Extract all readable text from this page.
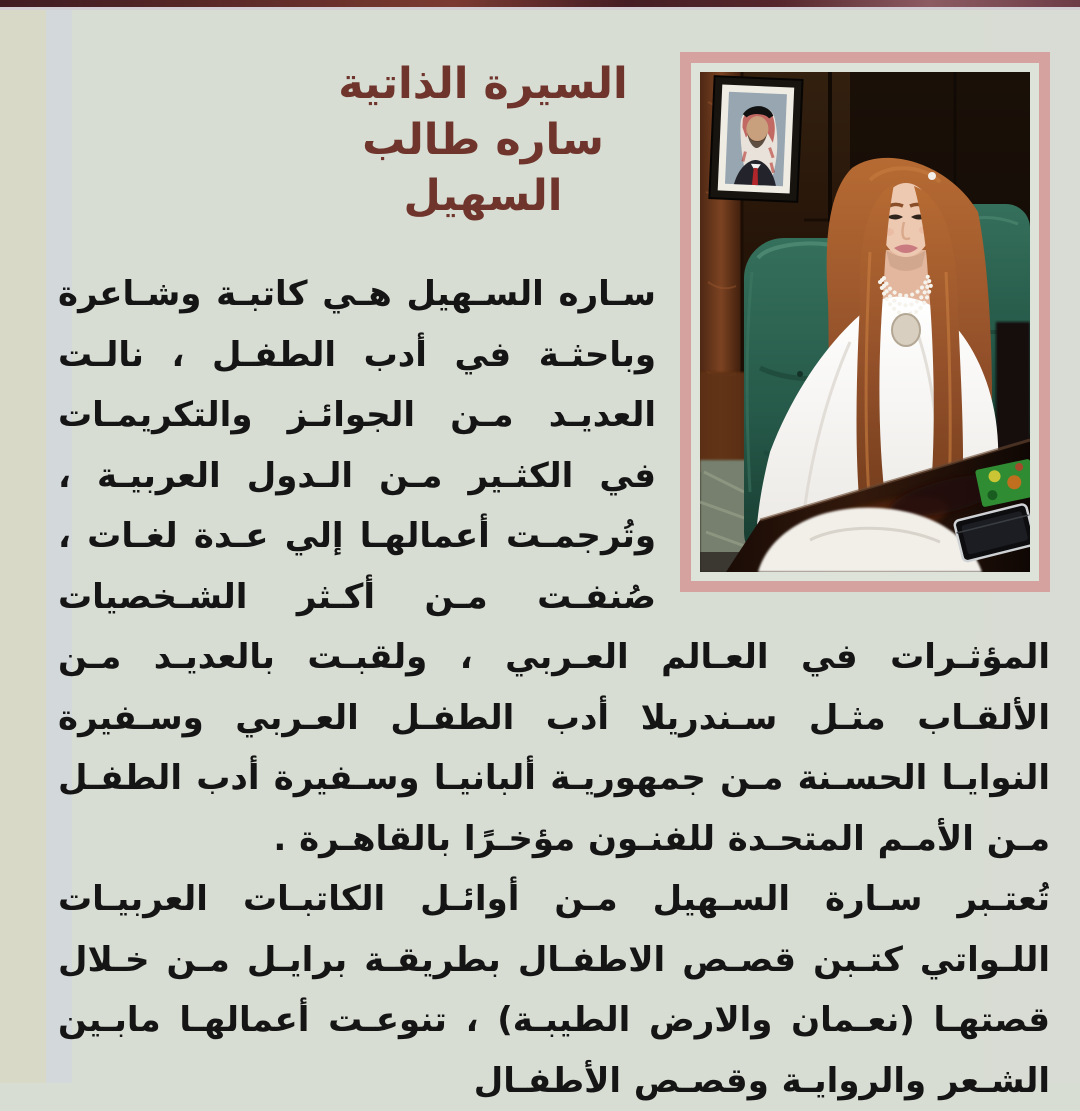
السيرة الذاتية
ساره طالب السهيل

سـاره السـهيل هـي كاتبـة وشـاعرة وباحثـة في أدب الطفـل ، نالـت العديـد مـن الجوائـز والتكريمـات في الكثـير مـن الـدول العربيـة ، وتُرجمـت أعمالهـا إلي عـدة لغـات ، صُنفـت مـن أكـثر الشـخصيات المؤثـرات في العـالم العـربي ، ولقبـت بالعديـد مـن الألقـاب مثـل سـندريلا أدب الطفـل العـربي وسـفيرة النوايـا الحسـنة مـن جمهوريـة ألبانيـا وسـفيرة أدب الطفـل مـن الأمـم المتحـدة للفنـون مؤخـرًا بالقاهـرة .

تُعتـبر سـارة السـهيل مـن أوائـل الكاتبـات العربيـات اللـواتي كتـبن قصـص الاطفـال بطريقـة برايـل مـن خـلال قصتهـا (نعـمان والارض الطيبـة) ، تنوعـت أعمالهـا مابـين الشـعر والروايـة وقصـص الأطفـال
